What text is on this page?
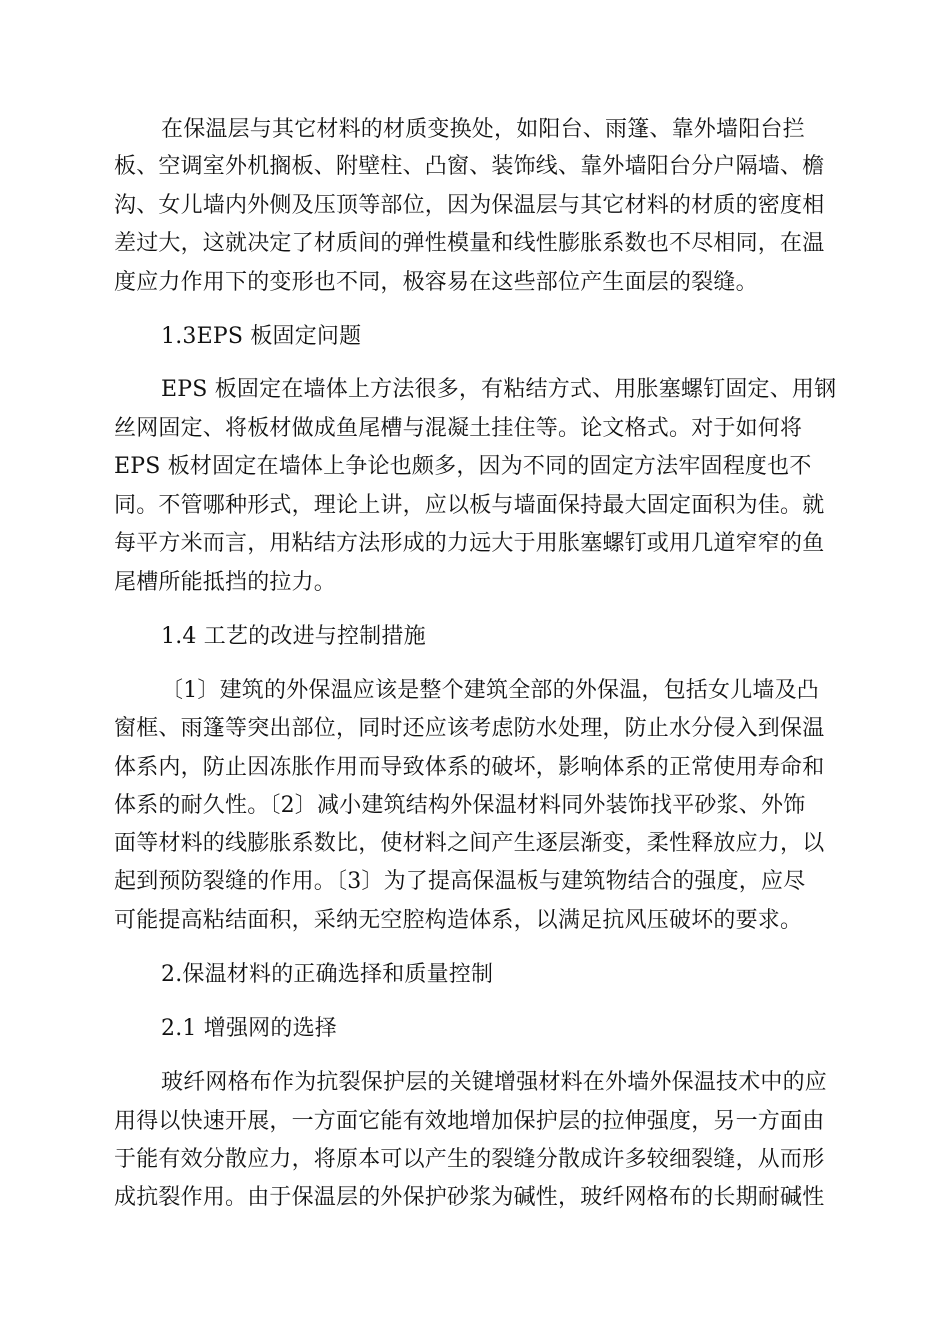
在保温层与其它材料的材质变换处，如阳台、雨篷、靠外墙阳台拦
板、空调室外机搁板、附壁柱、凸窗、装饰线、靠外墙阳台分户隔墙、檐
沟、女儿墙内外侧及压顶等部位，因为保温层与其它材料的材质的密度相
差过大，这就决定了材质间的弹性模量和线性膨胀系数也不尽相同，在温
度应力作用下的变形也不同，极容易在这些部位产生面层的裂缝。
1.3EPS 板固定问题
EPS 板固定在墙体上方法很多，有粘结方式、用胀塞螺钉固定、用钢
丝网固定、将板材做成鱼尾槽与混凝土挂住等。论文格式。对于如何将
EPS 板材固定在墙体上争论也颇多，因为不同的固定方法牢固程度也不
同。不管哪种形式，理论上讲，应以板与墙面保持最大固定面积为佳。就
每平方米而言，用粘结方法形成的力远大于用胀塞螺钉或用几道窄窄的鱼
尾槽所能抵挡的拉力。
1.4 工艺的改进与控制措施
〔1〕建筑的外保温应该是整个建筑全部的外保温，包括女儿墙及凸
窗框、雨篷等突出部位，同时还应该考虑防水处理，防止水分侵入到保温
体系内，防止因冻胀作用而导致体系的破坏，影响体系的正常使用寿命和
体系的耐久性。〔2〕减小建筑结构外保温材料同外装饰找平砂浆、外饰
面等材料的线膨胀系数比，使材料之间产生逐层渐变，柔性释放应力，以
起到预防裂缝的作用。〔3〕为了提高保温板与建筑物结合的强度，应尽
可能提高粘结面积，采纳无空腔构造体系，以满足抗风压破坏的要求。
2.保温材料的正确选择和质量控制
2.1 增强网的选择
玻纤网格布作为抗裂保护层的关键增强材料在外墙外保温技术中的应
用得以快速开展，一方面它能有效地增加保护层的拉伸强度，另一方面由
于能有效分散应力，将原本可以产生的裂缝分散成许多较细裂缝，从而形
成抗裂作用。由于保温层的外保护砂浆为碱性，玻纤网格布的长期耐碱性
